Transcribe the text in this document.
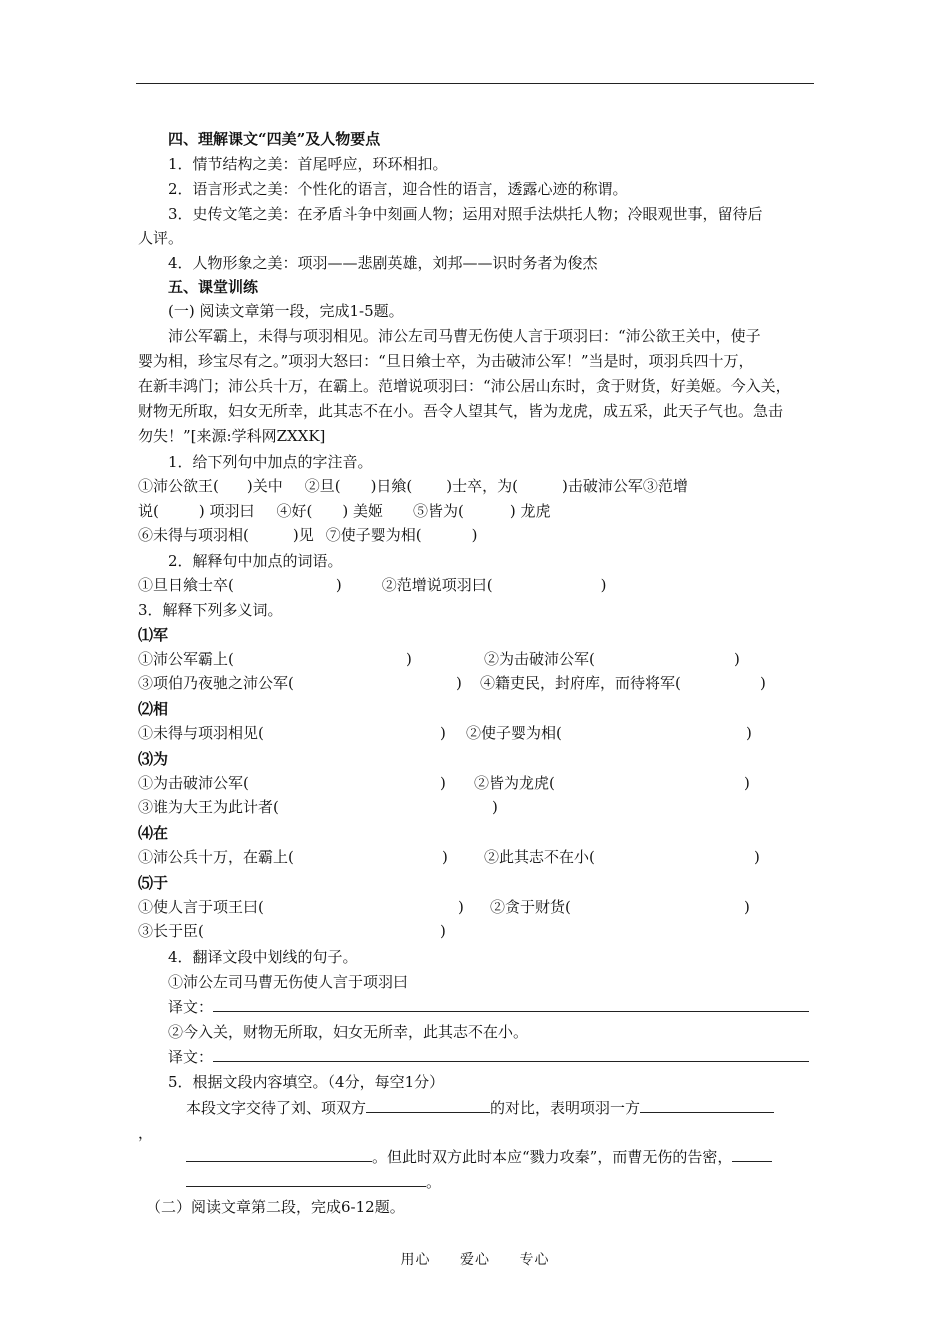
四、理解课文“四美”及人物要点
1．情节结构之美：首尾呼应，环环相扣。
2．语言形式之美：个性化的语言，迎合性的语言，透露心迹的称谓。
3．史传文笔之美：在矛盾斗争中刻画人物；运用对照手法烘托人物；冷眼观世事，留待后
人评。
4．人物形象之美：项羽——悲剧英雄，刘邦——识时务者为俊杰
五、课堂训练
(一) 阅读文章第一段，完成1-5题。
沛公军霸上，未得与项羽相见。沛公左司马曹无伤使人言于项羽曰：“沛公欲王关中，使子
婴为相，珍宝尽有之。”项羽大怒曰：“旦日飨士卒，为击破沛公军！”当是时，项羽兵四十万，
在新丰鸿门；沛公兵十万，在霸上。范增说项羽曰：“沛公居山东时，贪于财货，好美姬。今入关，
财物无所取，妇女无所幸，此其志不在小。吾令人望其气，皆为龙虎，成五采，此天子气也。急击
勿失！”[来源:学科网ZXXK]
1．给下列句中加点的字注音。
①沛公欲王( )关中 ②旦( )日飨( )士卒，为(	)击破沛公军③范增
说(	) 项羽曰 ④好( ) 美姬 ⑤皆为(	) 龙虎
⑥未得与项羽相(	)见 ⑦使子婴为相(	)
2．解释句中加点的词语。
①旦日飨士卒(	)	②范增说项羽曰(	)
3．解释下列多义词。
⑴军
①沛公军霸上(	)	②为击破沛公军(	)
③项伯乃夜驰之沛公军(	) ④籍吏民，封府库，而待将军(	)
⑵相
①未得与项羽相见(	) ②使子婴为相(	)
⑶为
①为击破沛公军(	) ②皆为龙虎(	)
③谁为大王为此计者(	)
⑷在
①沛公兵十万，在霸上(	) ②此其志不在小(	)
⑸于
①使人言于项王曰(	) ②贪于财货(	)
③长于臣(	)
4．翻译文段中划线的句子。
①沛公左司马曹无伤使人言于项羽曰
译文：
②今入关，财物无所取，妇女无所幸，此其志不在小。
译文：
5．根据文段内容填空。（4分，每空1分）
本段文字交待了刘、项双方	的对比，表明项羽一方
，
。但此时双方此时本应“戮力攻秦”，而曹无伤的告密，
。
（二）阅读文章第二段，完成6-12题。
用心 爱心 专心
